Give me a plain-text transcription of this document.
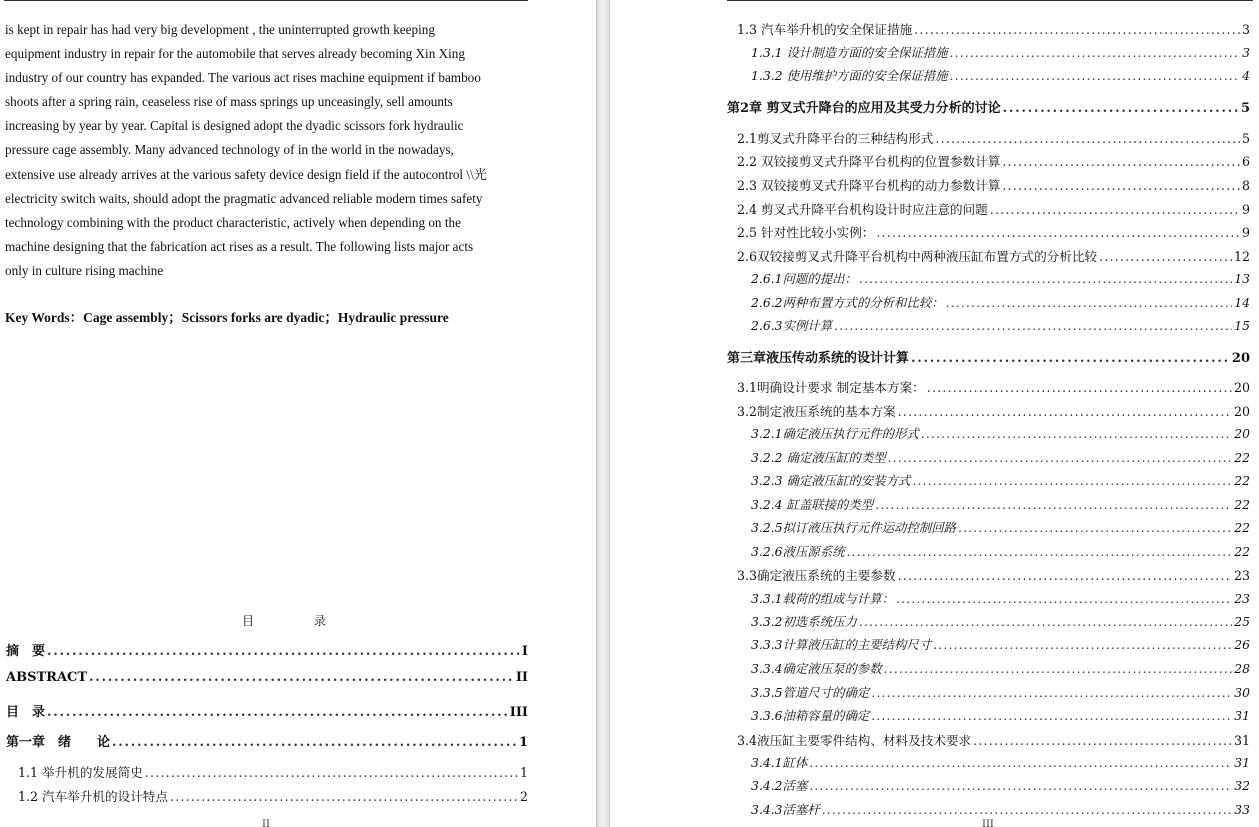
is kept in repair has had very big development , the uninterrupted growth keeping
equipment industry in repair for the automobile that serves already becoming Xin Xing
industry of our country has expanded. The various act rises machine equipment if bamboo
shoots after a spring rain, ceaseless rise of mass springs up unceasingly, sell amounts
increasing by year by year. Capital is designed adopt the dyadic scissors fork hydraulic
pressure cage assembly. Many advanced technology of in the world in the nowadays,
extensive use already arrives at the various safety device design field if the autocontrol \\光
electricity switch waits, should adopt the pragmatic advanced reliable modern times safety
technology combining with the product characteristic, actively when depending on the
machine designing that the fabrication act rises as a result. The following lists major acts
only in culture rising machine
Key Words：Cage assembly；Scissors forks are dyadic；Hydraulic pressure
目 录
摘　要 . . .	I
ABSTRACT . . .	II
目　录 . . .	III
第一章　绪　　论 . . .	1
1.1 举升机的发展简史 . . .	1
1.2 汽车举升机的设计特点 . . .	2
II
1.3 汽车举升机的安全保证措施 . . .	3
1.3.1 设计制造方面的安全保证措施 . . .	3
1.3.2 使用维护方面的安全保证措施 . . .	4
第2章 剪叉式升降台的应用及其受力分析的讨论 . . .	5
2.1剪叉式升降平台的三种结构形式 . . .	5
2.2 双铰接剪叉式升降平台机构的位置参数计算 . . .	6
2.3 双铰接剪叉式升降平台机构的动力参数计算 . . .	8
2.4 剪叉式升降平台机构设计时应注意的问题 . . .	9
2.5 针对性比较小实例： . . .	9
2.6双铰接剪叉式升降平台机构中两种液压缸布置方式的分析比较 . . .	12
2.6.1问题的提出： . . .	13
2.6.2两种布置方式的分析和比较： . . .	14
2.6.3实例计算 . . .	15
第三章液压传动系统的设计计算 . . .	20
3.1明确设计要求 制定基本方案： . . .	20
3.2制定液压系统的基本方案 . . .	20
3.2.1确定液压执行元件的形式 . . .	20
3.2.2 确定液压缸的类型 . . .	22
3.2.3 确定液压缸的安装方式 . . .	22
3.2.4 缸盖联接的类型 . . .	22
3.2.5拟订液压执行元件运动控制回路 . . .	22
3.2.6液压源系统 . . .	22
3.3确定液压系统的主要参数 . . .	23
3.3.1载荷的组成与计算： . . .	23
3.3.2初选系统压力 . . .	25
3.3.3计算液压缸的主要结构尺寸 . . .	26
3.3.4确定液压泵的参数 . . .	28
3.3.5管道尺寸的确定 . . .	30
3.3.6油箱容量的确定 . . .	31
3.4液压缸主要零件结构、材料及技术要求 . . .	31
3.4.1缸体 . . .	31
3.4.2活塞 . . .	32
3.4.3活塞杆 . . .	33
III
